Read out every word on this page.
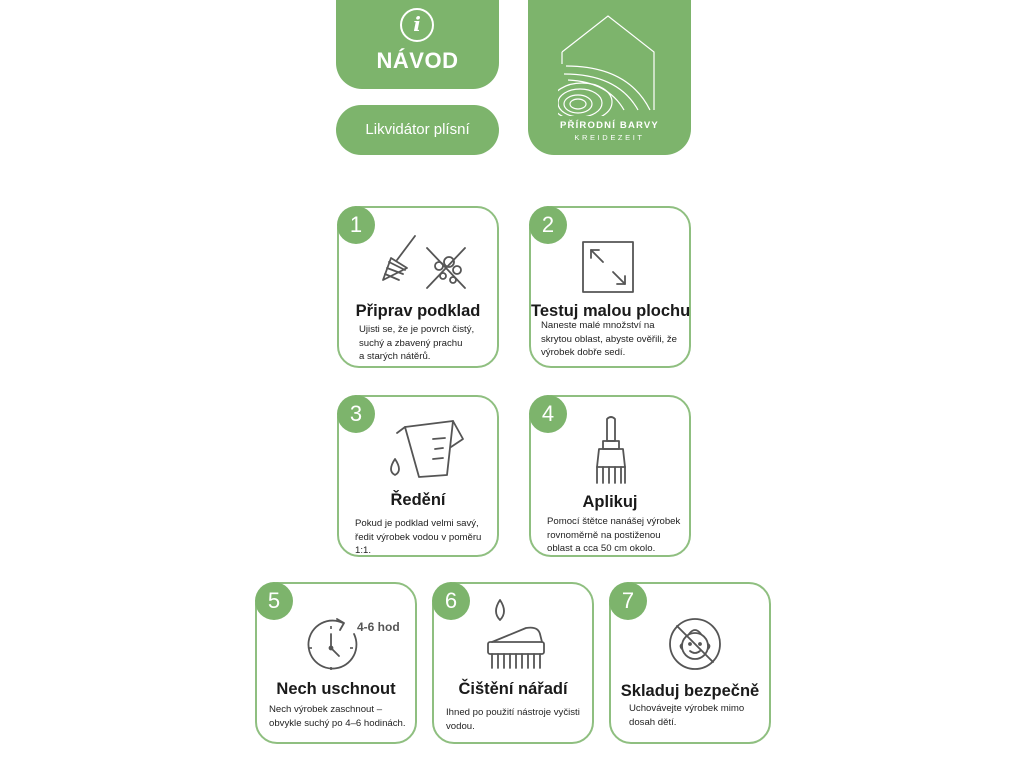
i
NÁVOD
Likvidátor plísní	PŘÍRODNÍ BARVY
KREIDEZEIT
1
Připrav podklad
Ujisti se, že je povrch čistý,
suchý a zbavený prachu
a starých nátěrů.
2
Testuj malou plochu
Naneste malé množství na
skrytou oblast, abyste ověřili, že
výrobek dobře sedí.
3
Ředění
Pokud je podklad velmi savý,
ředit výrobek vodou v poměru
1:1.
4
Aplikuj
Pomocí štětce nanášej výrobek
rovnoměrně na postiženou
oblast a cca 50 cm okolo.
5
4-6 hod
Nech uschnout
Nech výrobek zaschnout –
obvykle suchý po 4–6 hodinách.
6
Čištění nářadí
Ihned po použití nástroje vyčisti
vodou.
7
Skladuj bezpečně
Uchovávejte výrobek mimo
dosah dětí.
